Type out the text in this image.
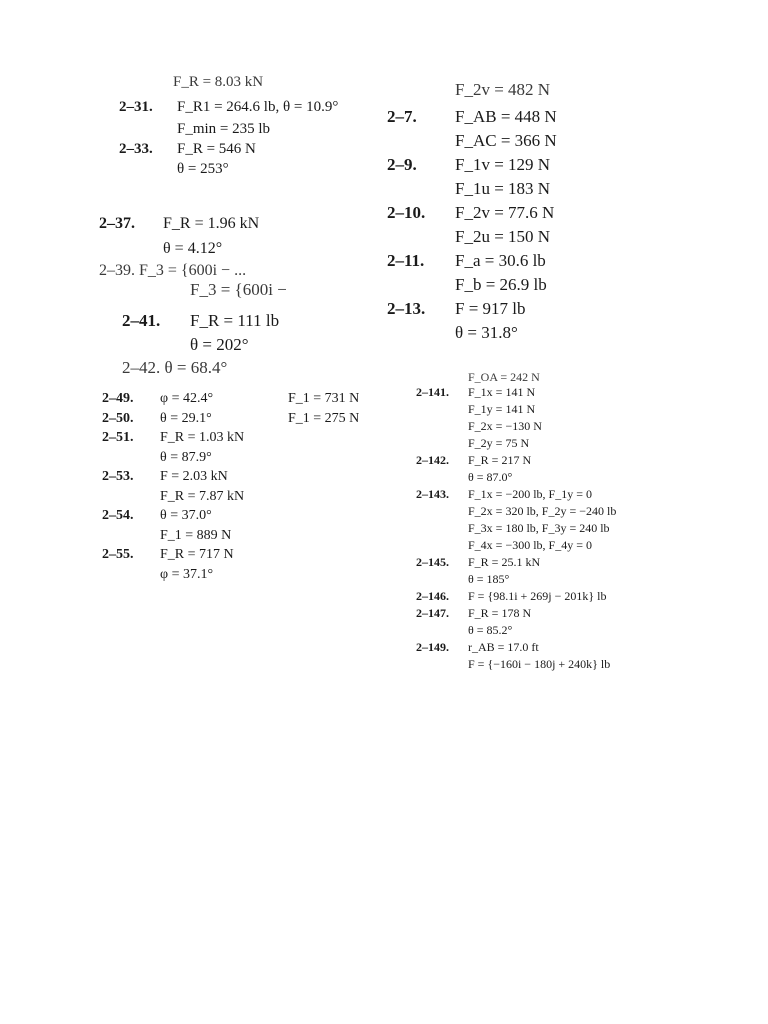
F_R = 8.03 kN
2–31. F_R1 = 264.6 lb, θ = 10.9°
F_min = 235 lb
2–33. F_R = 546 N
θ = 253°
2–37. F_R = 1.96 kN
θ = 4.12°
2–39. F_3 = {600i − ...
F_3 = {600i −
2–41. F_R = 111 lb
θ = 202°
2–42. θ = 68.4°
F_2v = 482 N
2–7. F_AB = 448 N
F_AC = 366 N
2–9. F_1v = 129 N
F_1u = 183 N
2–10. F_2v = 77.6 N
F_2u = 150 N
2–11. F_a = 30.6 lb
F_b = 26.9 lb
2–13. F = 917 lb
θ = 31.8°
2–49. φ = 42.4°	F_1 = 731 N
2–50. θ = 29.1°	F_1 = 275 N
2–51. F_R = 1.03 kN
θ = 87.9°
2–53. F = 2.03 kN
F_R = 7.87 kN
2–54. θ = 37.0°
F_1 = 889 N
2–55. F_R = 717 N
φ = 37.1°
F_OA = 242 N
2–141. F_1x = 141 N
F_1y = 141 N
F_2x = −130 N
F_2y = 75 N
2–142. F_R = 217 N
θ = 87.0°
2–143. F_1x = −200 lb, F_1y = 0
F_2x = 320 lb, F_2y = −240 lb
F_3x = 180 lb, F_3y = 240 lb
F_4x = −300 lb, F_4y = 0
2–145. F_R = 25.1 kN
θ = 185°
2–146. F = {98.1i + 269j − 201k} lb
2–147. F_R = 178 N
θ = 85.2°
2–149. r_AB = 17.0 ft
F = {−160i − 180j + 240k} lb
